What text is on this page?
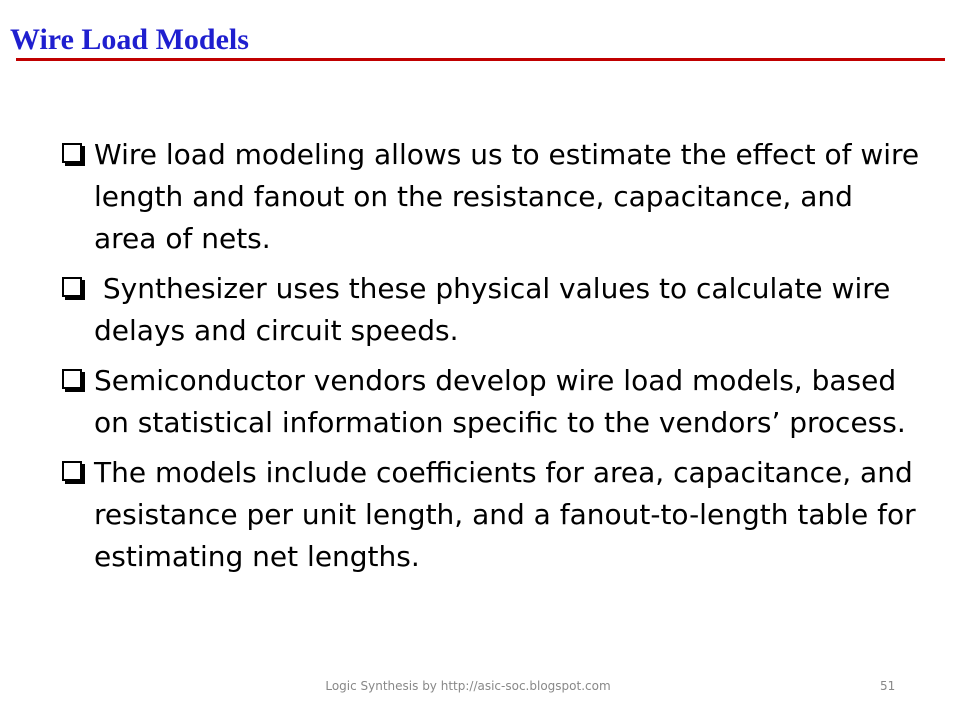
Wire Load Models
Wire load modeling allows us to estimate the effect of wire length and fanout on the resistance, capacitance, and area of nets.
Synthesizer uses these physical values to calculate wire delays and circuit speeds.
Semiconductor vendors develop wire load models, based on statistical information specific to the vendors’ process.
The models include coefficients for area, capacitance, and resistance per unit length, and a fanout-to-length table for estimating net lengths.
Logic Synthesis by http://asic-soc.blogspot.com	51
